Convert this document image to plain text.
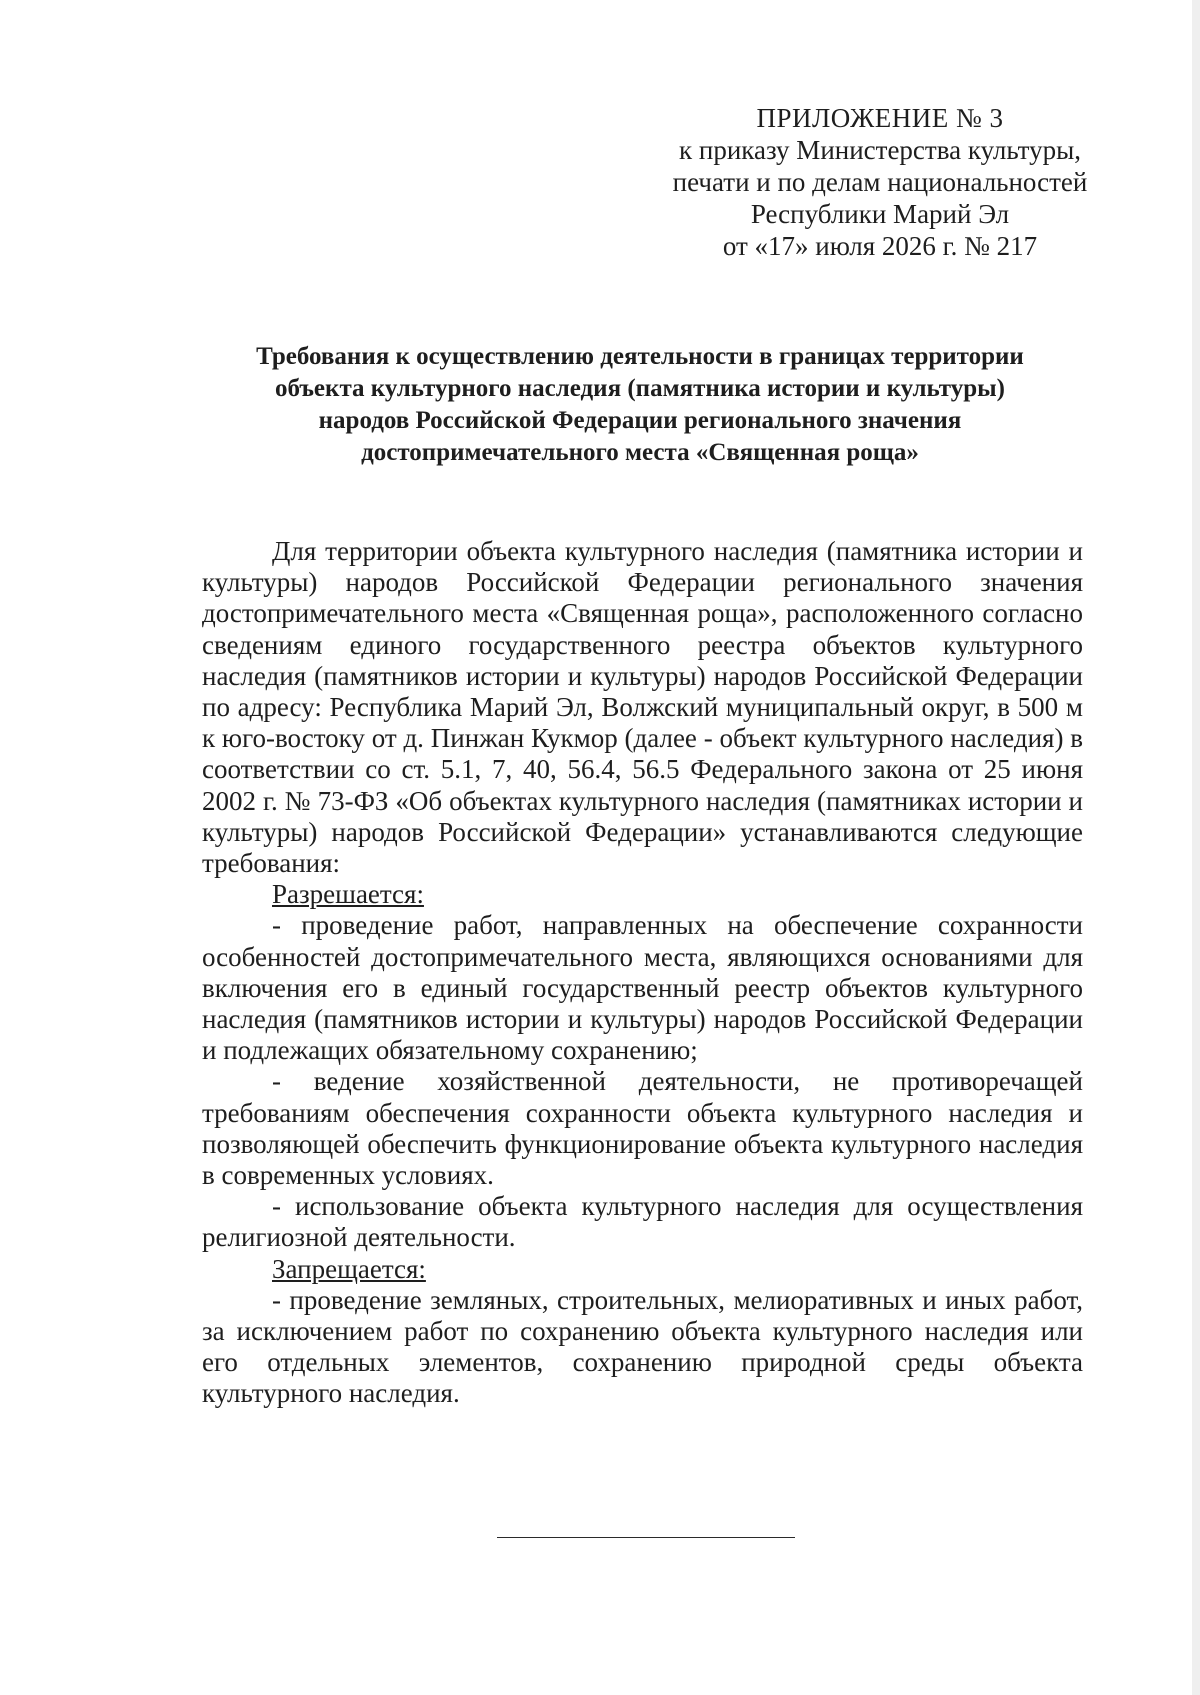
ПРИЛОЖЕНИЕ № 3
к приказу Министерства культуры,
печати и по делам национальностей
Республики Марий Эл
от «17» июля 2026 г. № 217
Требования к осуществлению деятельности в границах территории
объекта культурного наследия (памятника истории и культуры)
народов Российской Федерации регионального значения
достопримечательного места «Священная роща»

Для территории объекта культурного наследия (памятника истории и культуры) народов Российской Федерации регионального значения достопримечательного места «Священная роща», расположенного согласно сведениям единого государственного реестра объектов культурного наследия (памятников истории и культуры) народов Российской Федерации по адресу: Республика Марий Эл, Волжский муниципальный округ, в 500 м к юго-востоку от д. Пинжан Кукмор (далее - объект культурного наследия) в соответствии со ст. 5.1, 7, 40, 56.4, 56.5 Федерального закона от 25 июня 2002 г. № 73-ФЗ «Об объектах культурного наследия (памятниках истории и культуры) народов Российской Федерации» устанавливаются следующие требования:

Разрешается:

- проведение работ, направленных на обеспечение сохранности особенностей достопримечательного места, являющихся основаниями для включения его в единый государственный реестр объектов культурного наследия (памятников истории и культуры) народов Российской Федерации и подлежащих обязательному сохранению;

- ведение хозяйственной деятельности, не противоречащей требованиям обеспечения сохранности объекта культурного наследия и позволяющей обеспечить функционирование объекта культурного наследия в современных условиях.

- использование объекта культурного наследия для осуществления религиозной деятельности.

Запрещается:

- проведение земляных, строительных, мелиоративных и иных работ, за исключением работ по сохранению объекта культурного наследия или его отдельных элементов, сохранению природной среды объекта культурного наследия.
